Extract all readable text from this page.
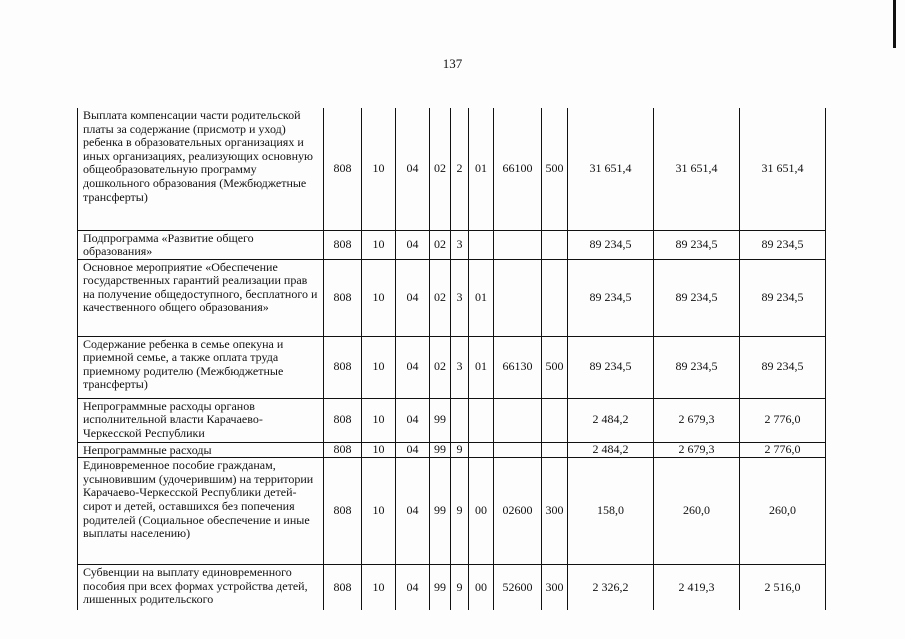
137
Выплата компенсации части родительской платы за содержание (присмотр и уход) ребенка в образовательных организациях и иных организациях, реализующих основную общеобразовательную программу дошкольного образования (Межбюджетные трансферты)	808	10	04	02	2	01	66100	500	31 651,4	31 651,4	31 651,4
Подпрограмма «Развитие общего образования»	808	10	04	02	3				89 234,5	89 234,5	89 234,5
Основное мероприятие «Обеспечение государственных гарантий реализации прав на получение общедоступного, бесплатного и качественного общего образования»	808	10	04	02	3	01			89 234,5	89 234,5	89 234,5
Содержание ребенка в семье опекуна и приемной семье, а также оплата труда приемному родителю (Межбюджетные трансферты)	808	10	04	02	3	01	66130	500	89 234,5	89 234,5	89 234,5
Непрограммные расходы органов исполнительной власти Карачаево-Черкесской Республики	808	10	04	99					2 484,2	2 679,3	2 776,0
Непрограммные расходы	808	10	04	99	9				2 484,2	2 679,3	2 776,0
Единовременное пособие гражданам, усыновившим (удочерившим) на территории Карачаево-Черкесской Республики детей-сирот и детей, оставшихся без попечения родителей (Социальное обеспечение и иные выплаты населению)	808	10	04	99	9	00	02600	300	158,0	260,0	260,0
Субвенции на выплату единовременного пособия при всех формах устройства детей, лишенных родительского	808	10	04	99	9	00	52600	300	2 326,2	2 419,3	2 516,0
